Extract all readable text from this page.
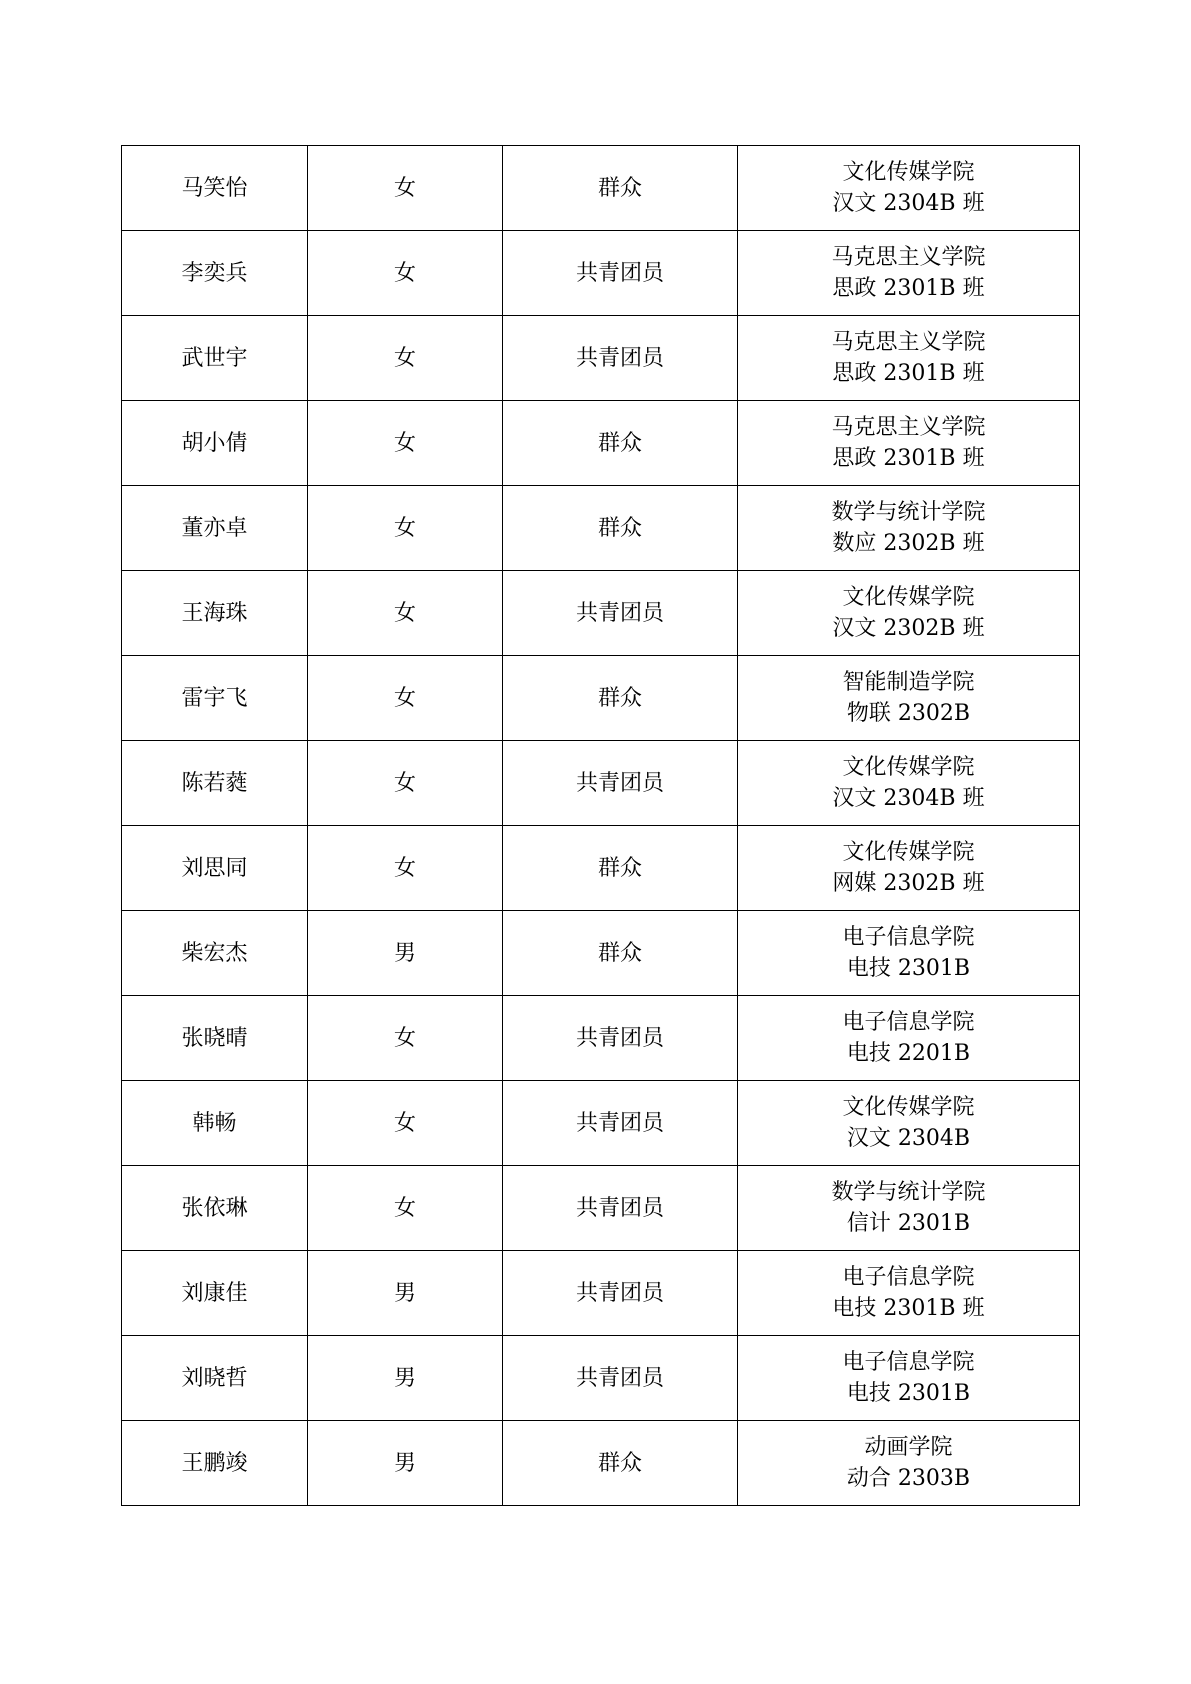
马笑怡	女	群众	文化传媒学院
汉文 2304B 班

李奕兵	女	共青团员	马克思主义学院
思政 2301B 班

武世宇	女	共青团员	马克思主义学院
思政 2301B 班

胡小倩	女	群众	马克思主义学院
思政 2301B 班

董亦卓	女	群众	数学与统计学院
数应 2302B 班

王海珠	女	共青团员	文化传媒学院
汉文 2302B 班

雷宇飞	女	群众	智能制造学院
物联 2302B

陈若蕤	女	共青团员	文化传媒学院
汉文 2304B 班

刘思同	女	群众	文化传媒学院
网媒 2302B 班

柴宏杰	男	群众	电子信息学院
电技 2301B

张晓晴	女	共青团员	电子信息学院
电技 2201B

韩畅	女	共青团员	文化传媒学院
汉文 2304B

张依琳	女	共青团员	数学与统计学院
信计 2301B

刘康佳	男	共青团员	电子信息学院
电技 2301B 班

刘晓哲	男	共青团员	电子信息学院
电技 2301B

王鹏竣	男	群众	动画学院
动合 2303B
